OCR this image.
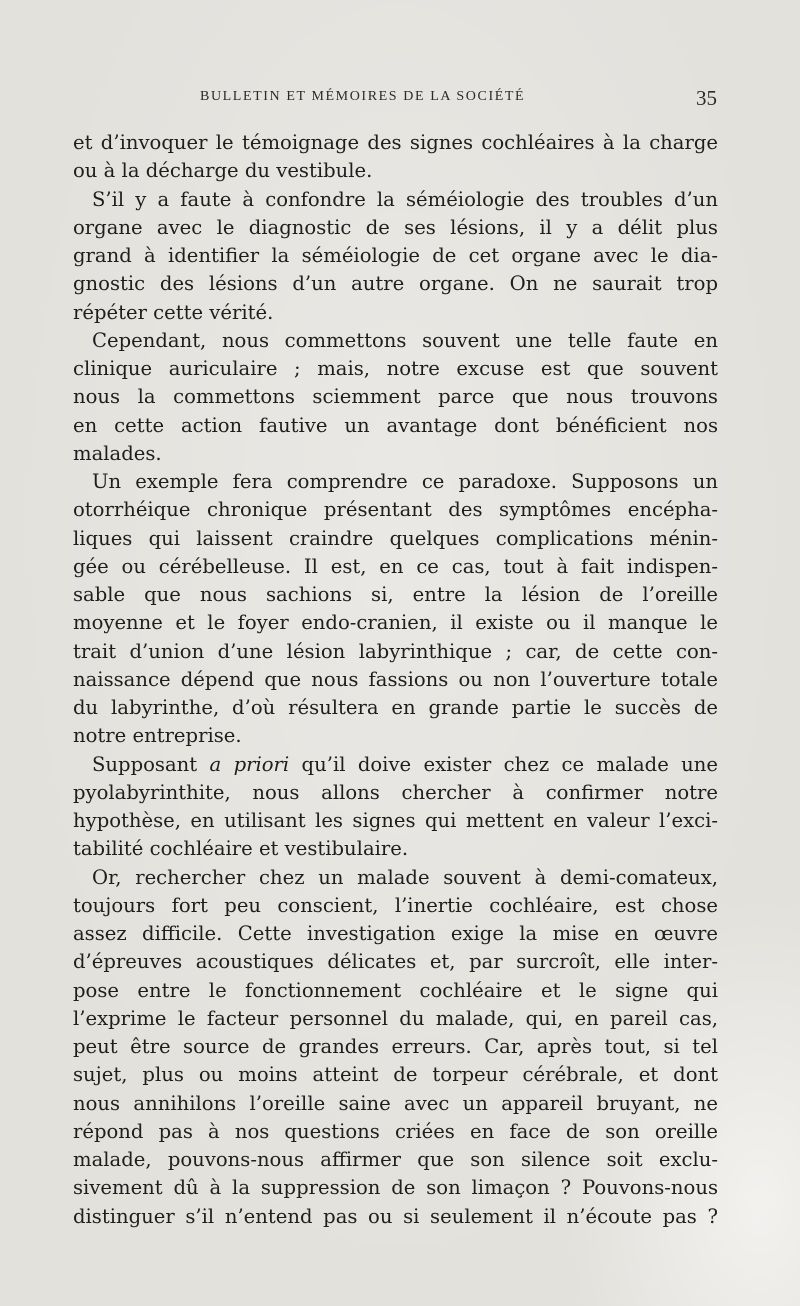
BULLETIN ET MÉMOIRES DE LA SOCIÉTÉ	35
et d’invoquer le témoignage des signes cochléaires à la charge
ou à la décharge du vestibule.
S’il y a faute à confondre la séméiologie des troubles d’un
organe avec le diagnostic de ses lésions, il y a délit plus
grand à identifier la séméiologie de cet organe avec le dia-
gnostic des lésions d’un autre organe. On ne saurait trop
répéter cette vérité.
Cependant, nous commettons souvent une telle faute en
clinique auriculaire ; mais, notre excuse est que souvent
nous la commettons sciemment parce que nous trouvons
en cette action fautive un avantage dont bénéficient nos
malades.
Un exemple fera comprendre ce paradoxe. Supposons un
otorrhéique chronique présentant des symptômes encépha-
liques qui laissent craindre quelques complications ménin-
gée ou cérébelleuse. Il est, en ce cas, tout à fait indispen-
sable que nous sachions si, entre la lésion de l’oreille
moyenne et le foyer endo-cranien, il existe ou il manque le
trait d’union d’une lésion labyrinthique ; car, de cette con-
naissance dépend que nous fassions ou non l’ouverture totale
du labyrinthe, d’où résultera en grande partie le succès de
notre entreprise.
Supposant a priori qu’il doive exister chez ce malade une
pyolabyrinthite, nous allons chercher à confirmer notre
hypothèse, en utilisant les signes qui mettent en valeur l’exci-
tabilité cochléaire et vestibulaire.
Or, rechercher chez un malade souvent à demi-comateux,
toujours fort peu conscient, l’inertie cochléaire, est chose
assez difficile. Cette investigation exige la mise en œuvre
d’épreuves acoustiques délicates et, par surcroît, elle inter-
pose entre le fonctionnement cochléaire et le signe qui
l’exprime le facteur personnel du malade, qui, en pareil cas,
peut être source de grandes erreurs. Car, après tout, si tel
sujet, plus ou moins atteint de torpeur cérébrale, et dont
nous annihilons l’oreille saine avec un appareil bruyant, ne
répond pas à nos questions criées en face de son oreille
malade, pouvons-nous affirmer que son silence soit exclu-
sivement dû à la suppression de son limaçon ? Pouvons-nous
distinguer s’il n’entend pas ou si seulement il n’écoute pas ?
